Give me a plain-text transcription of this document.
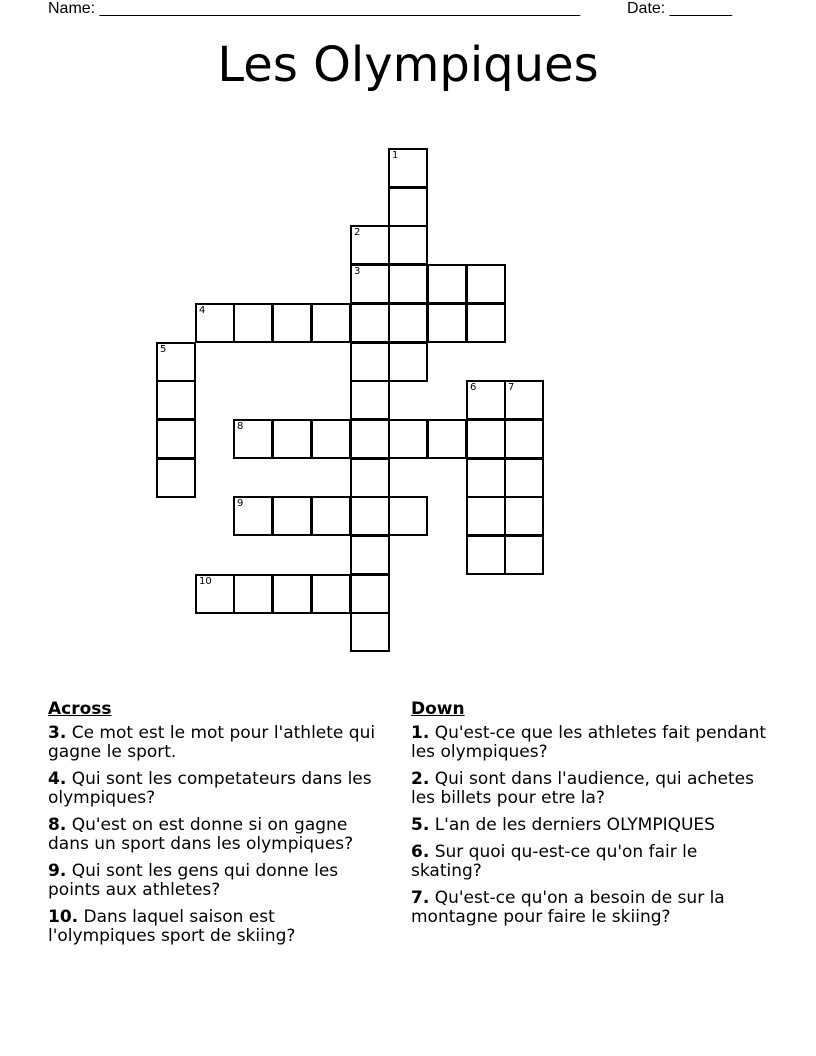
Name: ______________________________________________________	Date: _______
Les Olympiques
1
2
3
4
5
6	7
8
9
10
Across
3. Ce mot est le mot pour l'athlete qui gagne le sport.
4. Qui sont les competateurs dans les olympiques?
8. Qu'est on est donne si on gagne dans un sport dans les olympiques?
9. Qui sont les gens qui donne les points aux athletes?
10. Dans laquel saison est l'olympiques sport de skiing?
Down
1. Qu'est-ce que les athletes fait pendant les olympiques?
2. Qui sont dans l'audience, qui achetes les billets pour etre la?
5. L'an de les derniers OLYMPIQUES
6. Sur quoi qu-est-ce qu'on fair le skating?
7. Qu'est-ce qu'on a besoin de sur la montagne pour faire le skiing?
